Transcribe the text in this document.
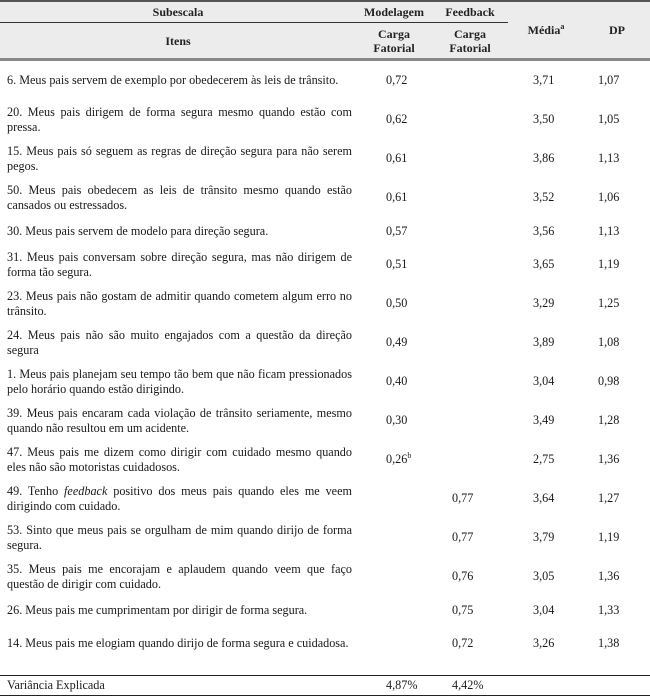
Subescala	Modelagem	Feedback	Média$^a$	DP
Itens	Carga Fatorial	Carga Fatorial		

6. Meus pais servem de exemplo por obedecerem às leis de trânsito.	0,72		3,71	1,07
20. Meus pais dirigem de forma segura mesmo quando estão com pressa.	0,62		3,50	1,05
15. Meus pais só seguem as regras de direção segura para não serem pegos.	0,61		3,86	1,13
50. Meus pais obedecem as leis de trânsito mesmo quando estão cansados ou estressados.	0,61		3,52	1,06
30. Meus pais servem de modelo para direção segura.	0,57		3,56	1,13
31. Meus pais conversam sobre direção segura, mas não dirigem de forma tão segura.	0,51		3,65	1,19
23. Meus pais não gostam de admitir quando cometem algum erro no trânsito.	0,50		3,29	1,25
24. Meus pais não são muito engajados com a questão da direção segura	0,49		3,89	1,08
1. Meus pais planejam seu tempo tão bem que não ficam pressionados pelo horário quando estão dirigindo.	0,40		3,04	0,98
39. Meus pais encaram cada violação de trânsito seriamente, mesmo quando não resultou em um acidente.	0,30		3,49	1,28
47. Meus pais me dizem como dirigir com cuidado mesmo quando eles não são motoristas cuidadosos.	0,26$^b$		2,75	1,36
49. Tenho feedback positivo dos meus pais quando eles me veem dirigindo com cuidado.		0,77	3,64	1,27
53. Sinto que meus pais se orgulham de mim quando dirijo de forma segura.		0,77	3,79	1,19
35. Meus pais me encorajam e aplaudem quando veem que faço questão de dirigir com cuidado.		0,76	3,05	1,36
26. Meus pais me cumprimentam por dirigir de forma segura.		0,75	3,04	1,33
14. Meus pais me elogiam quando dirijo de forma segura e cuidadosa.		0,72	3,26	1,38

Variância Explicada	4,87%	4,42%		
